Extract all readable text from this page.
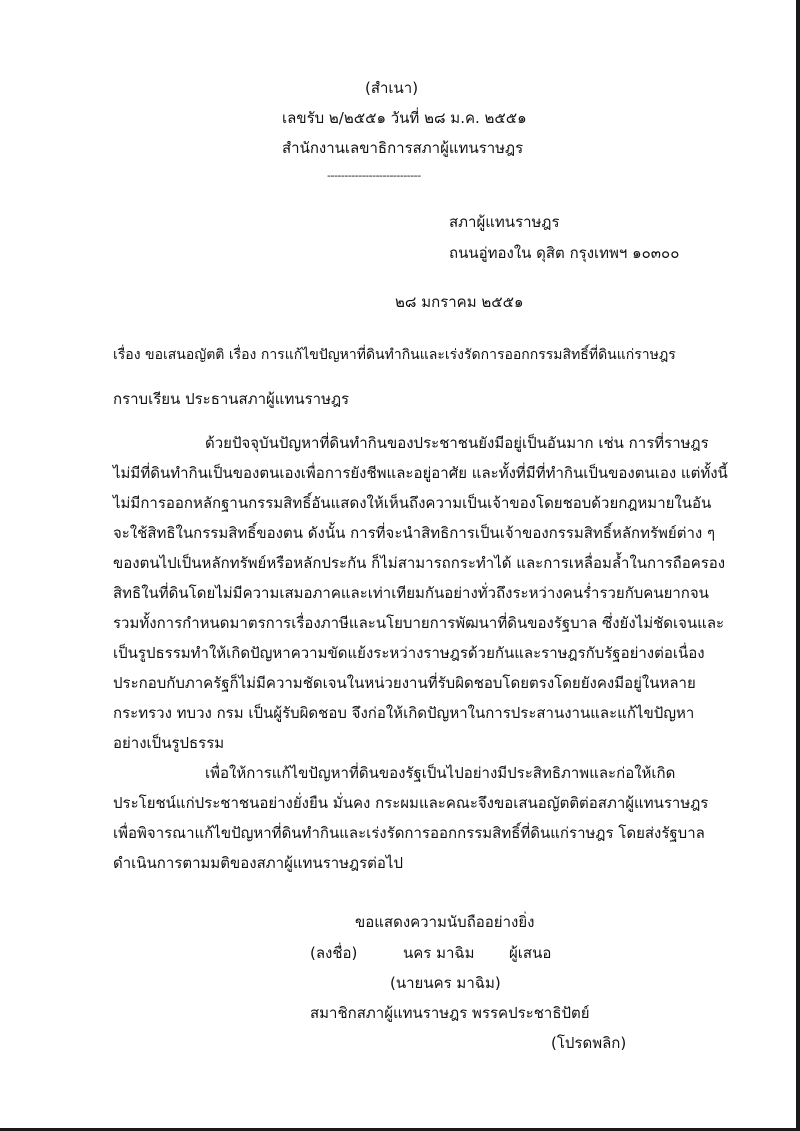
(สำเนา)
เลขรับ ๒/๒๕๕๑ วันที่ ๒๘ ม.ค. ๒๕๕๑
สำนักงานเลขาธิการสภาผู้แทนราษฎร
---------------------------
สภาผู้แทนราษฎร
ถนนอู่ทองใน ดุสิต กรุงเทพฯ ๑๐๓๐๐
๒๘ มกราคม ๒๕๕๑
เรื่อง ขอเสนอญัตติ เรื่อง การแก้ไขปัญหาที่ดินทำกินและเร่งรัดการออกกรรมสิทธิ์ที่ดินแก่ราษฎร
กราบเรียน ประธานสภาผู้แทนราษฎร
ด้วยปัจจุบันปัญหาที่ดินทำกินของประชาชนยังมีอยู่เป็นอันมาก เช่น การที่ราษฎร
ไม่มีที่ดินทำกินเป็นของตนเองเพื่อการยังชีพและอยู่อาศัย และทั้งที่มีที่ทำกินเป็นของตนเอง แต่ทั้งนี้
ไม่มีการออกหลักฐานกรรมสิทธิ์อันแสดงให้เห็นถึงความเป็นเจ้าของโดยชอบด้วยกฎหมายในอัน
จะใช้สิทธิในกรรมสิทธิ์ของตน ดังนั้น การที่จะนำสิทธิการเป็นเจ้าของกรรมสิทธิ์หลักทรัพย์ต่าง ๆ
ของตนไปเป็นหลักทรัพย์หรือหลักประกัน ก็ไม่สามารถกระทำได้ และการเหลื่อมล้ำในการถือครอง
สิทธิในที่ดินโดยไม่มีความเสมอภาคและเท่าเทียมกันอย่างทั่วถึงระหว่างคนร่ำรวยกับคนยากจน
รวมทั้งการกำหนดมาตรการเรื่องภาษีและนโยบายการพัฒนาที่ดินของรัฐบาล ซึ่งยังไม่ชัดเจนและ
เป็นรูปธรรมทำให้เกิดปัญหาความขัดแย้งระหว่างราษฎรด้วยกันและราษฎรกับรัฐอย่างต่อเนื่อง
ประกอบกับภาครัฐก็ไม่มีความชัดเจนในหน่วยงานที่รับผิดชอบโดยตรงโดยยังคงมีอยู่ในหลาย
กระทรวง ทบวง กรม เป็นผู้รับผิดชอบ จึงก่อให้เกิดปัญหาในการประสานงานและแก้ไขปัญหา
อย่างเป็นรูปธรรม
เพื่อให้การแก้ไขปัญหาที่ดินของรัฐเป็นไปอย่างมีประสิทธิภาพและก่อให้เกิด
ประโยชน์แก่ประชาชนอย่างยั่งยืน มั่นคง กระผมและคณะจึงขอเสนอญัตติต่อสภาผู้แทนราษฎร
เพื่อพิจารณาแก้ไขปัญหาที่ดินทำกินและเร่งรัดการออกกรรมสิทธิ์ที่ดินแก่ราษฎร โดยส่งรัฐบาล
ดำเนินการตามมติของสภาผู้แทนราษฎรต่อไป
ขอแสดงความนับถืออย่างยิ่ง
(ลงชื่อ)	นคร มาฉิม ผู้เสนอ
(นายนคร มาฉิม)
สมาชิกสภาผู้แทนราษฎร พรรคประชาธิปัตย์
(โปรดพลิก)
